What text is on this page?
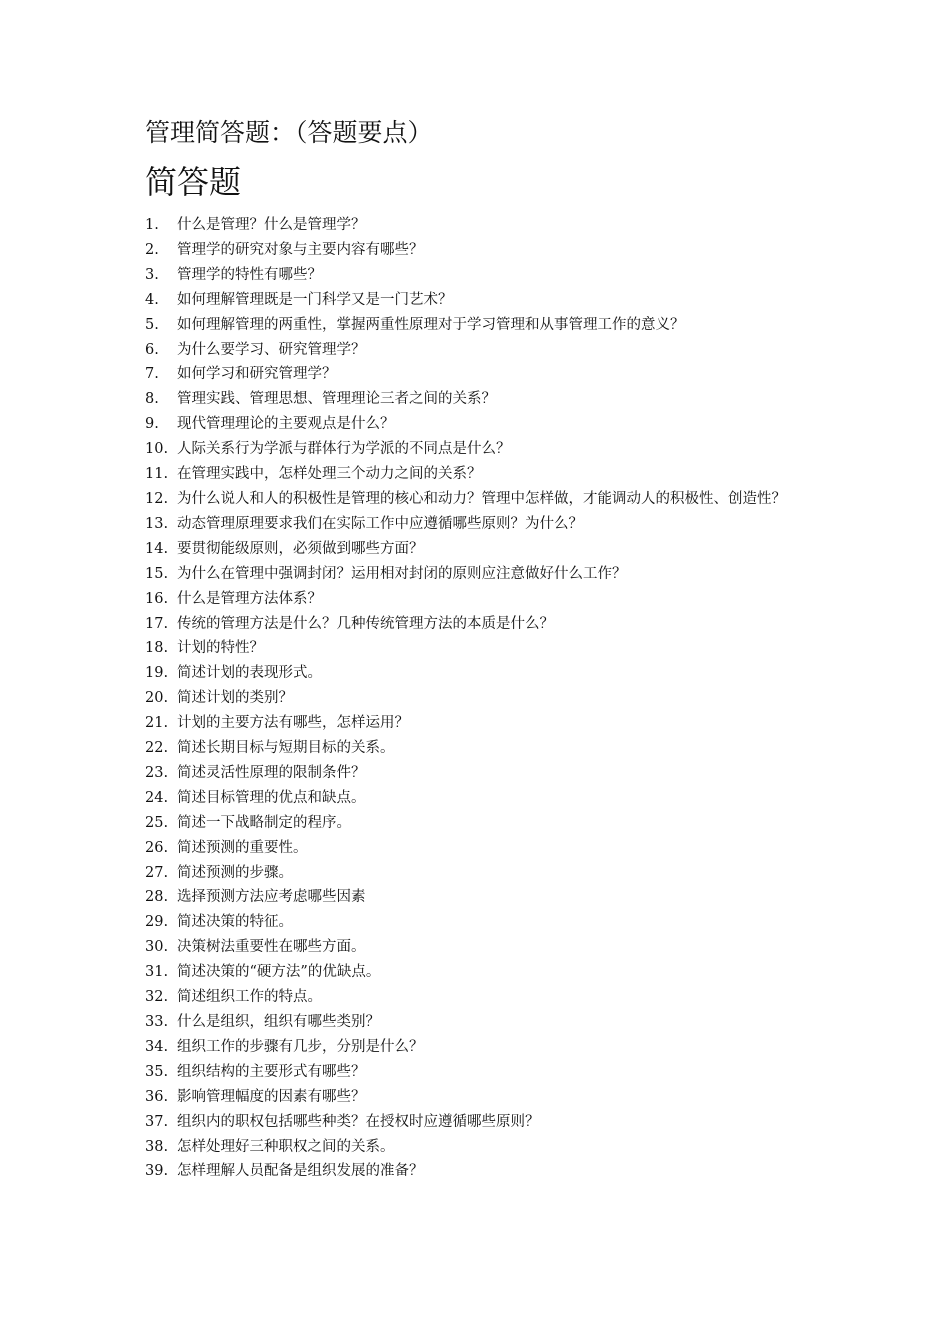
管理简答题：（答题要点）
简答题
1.	什么是管理？什么是管理学？
2.	管理学的研究对象与主要内容有哪些？
3.	管理学的特性有哪些？
4.	如何理解管理既是一门科学又是一门艺术？
5.	如何理解管理的两重性，掌握两重性原理对于学习管理和从事管理工作的意义？
6.	为什么要学习、研究管理学？
7.	如何学习和研究管理学？
8.	管理实践、管理思想、管理理论三者之间的关系？
9.	现代管理理论的主要观点是什么？
10. 人际关系行为学派与群体行为学派的不同点是什么？
11. 在管理实践中，怎样处理三个动力之间的关系？
12. 为什么说人和人的积极性是管理的核心和动力？管理中怎样做，才能调动人的积极性、创造性？
13. 动态管理原理要求我们在实际工作中应遵循哪些原则？为什么？
14. 要贯彻能级原则，必须做到哪些方面？
15. 为什么在管理中强调封闭？运用相对封闭的原则应注意做好什么工作？
16. 什么是管理方法体系？
17. 传统的管理方法是什么？几种传统管理方法的本质是什么？
18. 计划的特性？
19. 简述计划的表现形式。
20. 简述计划的类别？
21. 计划的主要方法有哪些，怎样运用？
22. 简述长期目标与短期目标的关系。
23. 简述灵活性原理的限制条件？
24. 简述目标管理的优点和缺点。
25. 简述一下战略制定的程序。
26. 简述预测的重要性。
27. 简述预测的步骤。
28. 选择预测方法应考虑哪些因素
29. 简述决策的特征。
30. 决策树法重要性在哪些方面。
31. 简述决策的“硬方法”的优缺点。
32. 简述组织工作的特点。
33. 什么是组织，组织有哪些类别？
34. 组织工作的步骤有几步，分别是什么？
35. 组织结构的主要形式有哪些？
36. 影响管理幅度的因素有哪些？
37. 组织内的职权包括哪些种类？在授权时应遵循哪些原则？
38. 怎样处理好三种职权之间的关系。
39. 怎样理解人员配备是组织发展的准备？
